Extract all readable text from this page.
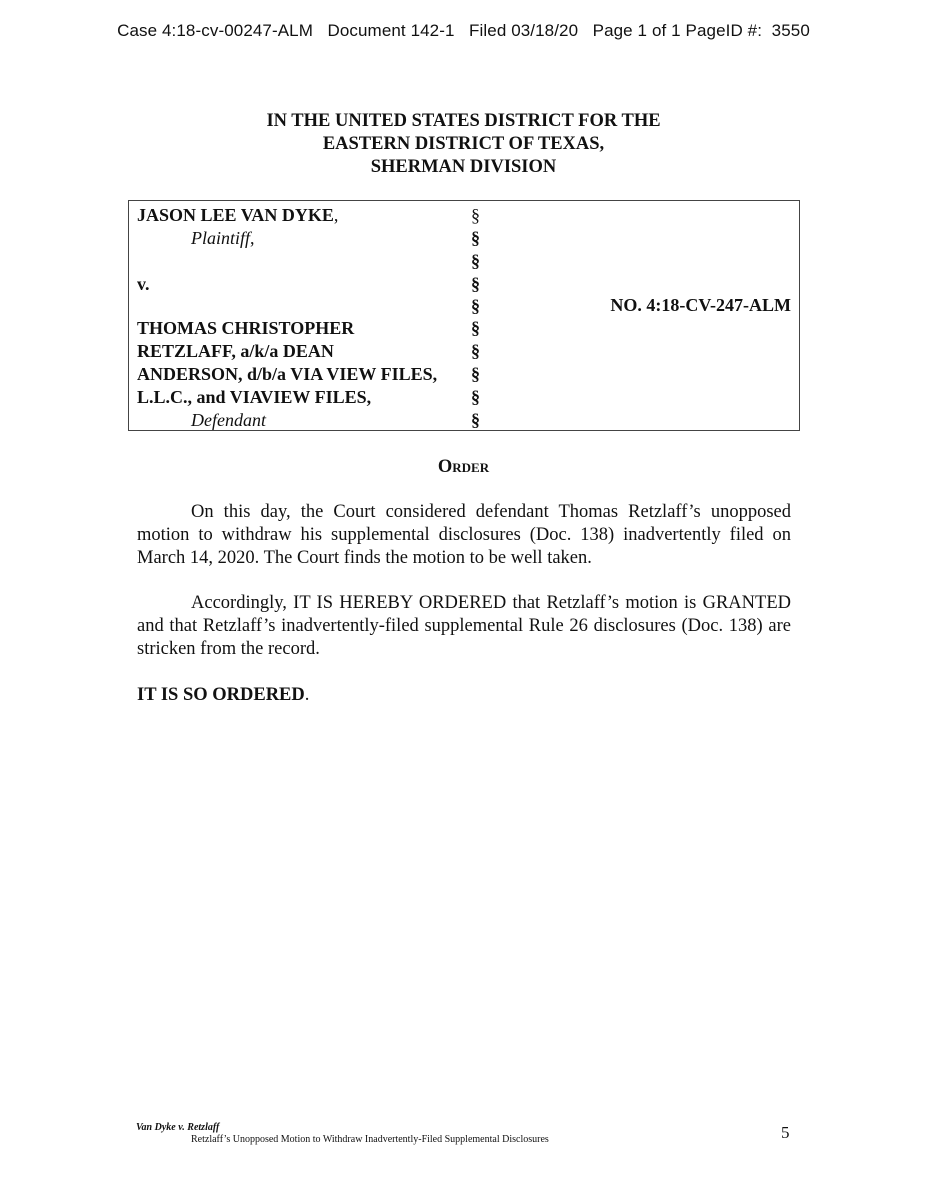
Case 4:18-cv-00247-ALM   Document 142-1   Filed 03/18/20   Page 1 of 1 PageID #:  3550
IN THE UNITED STATES DISTRICT FOR THE
EASTERN DISTRICT OF TEXAS,
SHERMAN DIVISION
JASON LEE VAN DYKE,
Plaintiff,
v.
THOMAS CHRISTOPHER
RETZLAFF, a/k/a DEAN
ANDERSON, d/b/a VIA VIEW FILES,
L.L.C., and VIAVIEW FILES,
Defendant
§
§
§
§
§
§
§
§
§
§
NO. 4:18-CV-247-ALM
Order
On this day, the Court considered defendant Thomas Retzlaff’s unopposed motion to withdraw his supplemental disclosures (Doc. 138) inadvertently filed on March 14, 2020. The Court finds the motion to be well taken.
Accordingly, IT IS HEREBY ORDERED that Retzlaff’s motion is GRANTED and that Retzlaff’s inadvertently-filed supplemental Rule 26 disclosures (Doc. 138) are stricken from the record.
IT IS SO ORDERED.
Van Dyke v. Retzlaff
Retzlaff’s Unopposed Motion to Withdraw Inadvertently-Filed Supplemental Disclosures	5
